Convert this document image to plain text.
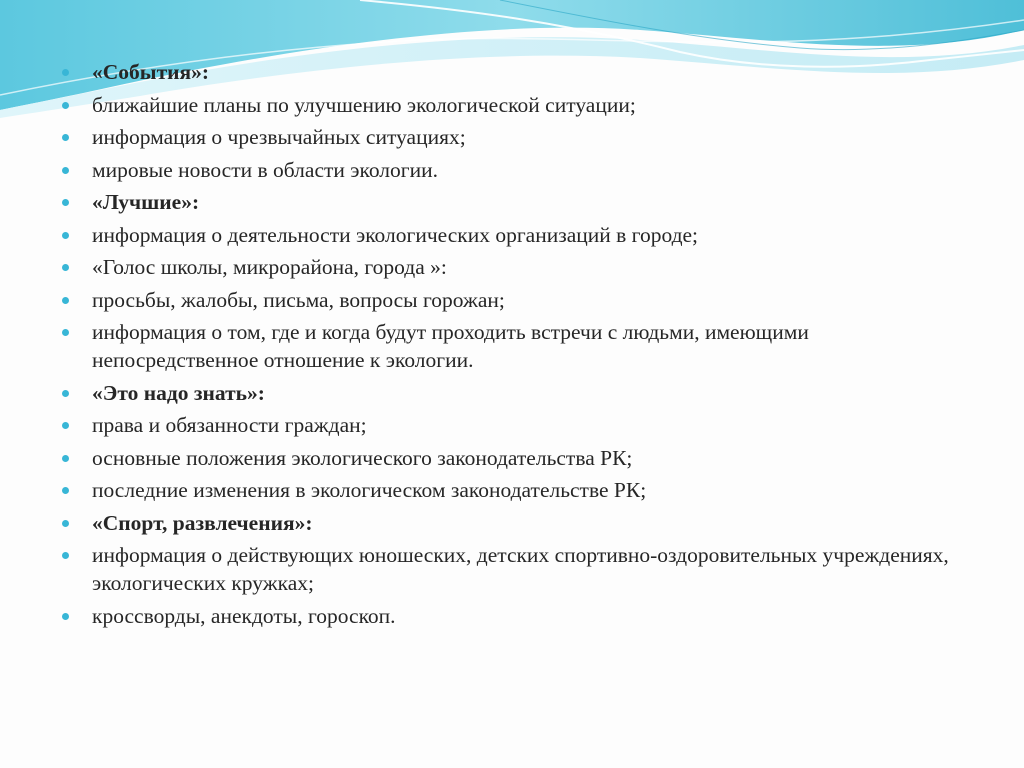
«События»:
ближайшие планы по улучшению экологической ситуации;
информация о чрезвычайных ситуациях;
мировые новости в области экологии.
«Лучшие»:
информация о деятельности экологических организаций в городе;
«Голос школы, микрорайона, города »:
просьбы, жалобы, письма, вопросы горожан;
информация о том, где и когда будут проходить встречи с людьми, имеющими непосредственное отношение к экологии.
«Это надо знать»:
права и обязанности граждан;
основные положения экологического законодательства РК;
последние изменения в экологическом законодательстве РК;
«Спорт, развлечения»:
информация о действующих юношеских, детских спортивно-оздоровительных учреждениях, экологических кружках;
кроссворды, анекдоты, гороскоп.
